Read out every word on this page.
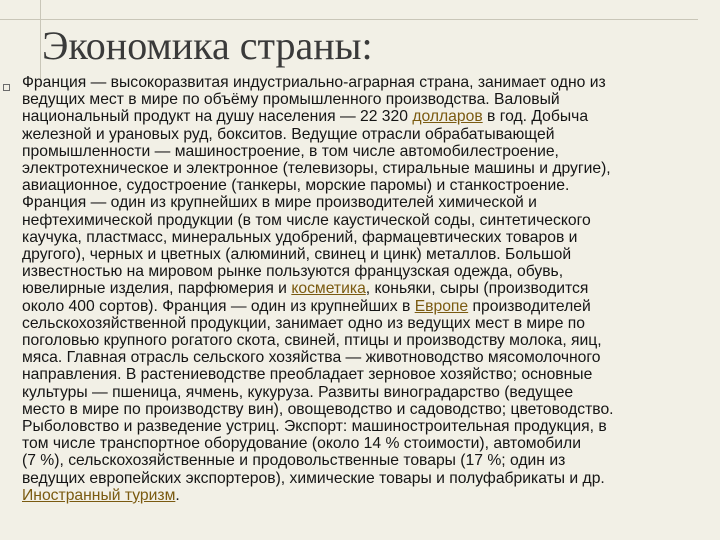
Экономика страны:

Франция — высокоразвитая индустриально-аграрная страна, занимает одно из
ведущих мест в мире по объёму промышленного производства. Валовый
национальный продукт на душу населения — 22 320 долларов в год. Добыча
железной и урановых руд, бокситов. Ведущие отрасли обрабатывающей
промышленности — машиностроение, в том числе автомобилестроение,
электротехническое и электронное (телевизоры, стиральные машины и другие),
авиационное, судостроение (танкеры, морские паромы) и станкостроение.
Франция — один из крупнейших в мире производителей химической и
нефтехимической продукции (в том числе каустической соды, синтетического
каучука, пластмасс, минеральных удобрений, фармацевтических товаров и
другого), черных и цветных (алюминий, свинец и цинк) металлов. Большой
известностью на мировом рынке пользуются французская одежда, обувь,
ювелирные изделия, парфюмерия и косметика, коньяки, сыры (производится
около 400 сортов). Франция — один из крупнейших в Европе производителей
сельскохозяйственной продукции, занимает одно из ведущих мест в мире по
поголовью крупного рогатого скота, свиней, птицы и производству молока, яиц,
мяса. Главная отрасль сельского хозяйства — животноводство мясомолочного
направления. В растениеводстве преобладает зерновое хозяйство; основные
культуры — пшеница, ячмень, кукуруза. Развиты виноградарство (ведущее
место в мире по производству вин), овощеводство и садоводство; цветоводство.
Рыболовство и разведение устриц. Экспорт: машиностроительная продукция, в
том числе транспортное оборудование (около 14 % стоимости), автомобили
(7 %), сельскохозяйственные и продовольственные товары (17 %; один из
ведущих европейских экспортеров), химические товары и полуфабрикаты и др.
Иностранный туризм.
